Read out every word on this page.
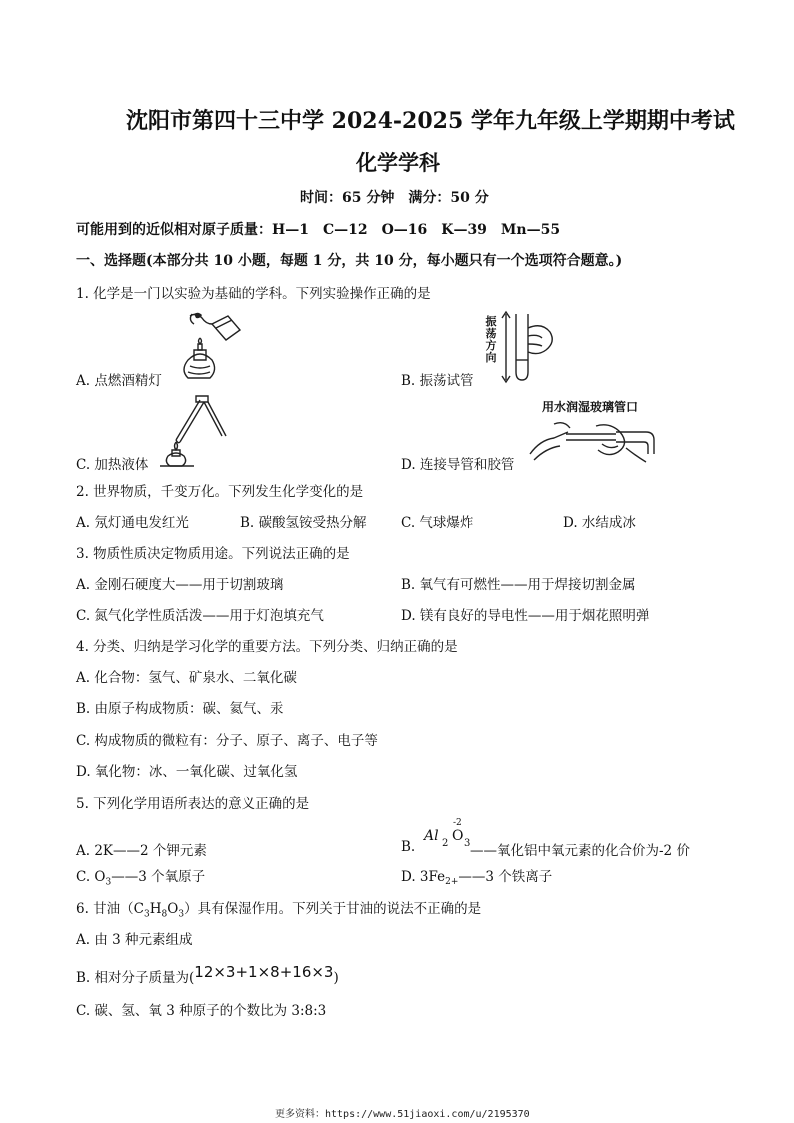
沈阳市第四十三中学 2024-2025 学年九年级上学期期中考试
化学学科
时间：65 分钟　满分：50 分
可能用到的近似相对原子质量：H—1　C—12　O—16　K—39　Mn—55
一、选择题(本部分共 10 小题，每题 1 分，共 10 分，每小题只有一个选项符合题意。)
1. 化学是一门以实验为基础的学科。下列实验操作正确的是
A. 点燃酒精灯
振
荡
方
向
B. 振荡试管
C. 加热液体
用水润湿玻璃管口
D. 连接导管和胶管
2. 世界物质，千变万化。下列发生化学变化的是
A. 氖灯通电发红光	B. 碳酸氢铵受热分解	C. 气球爆炸	D. 水结成冰
3. 物质性质决定物质用途。下列说法正确的是
A. 金刚石硬度大——用于切割玻璃	B. 氧气有可燃性——用于焊接切割金属
C. 氮气化学性质活泼——用于灯泡填充气	D. 镁有良好的导电性——用于烟花照明弹
4. 分类、归纳是学习化学的重要方法。下列分类、归纳正确的是
A. 化合物：氢气、矿泉水、二氧化碳
B. 由原子构成物质：碳、氦气、汞
C. 构成物质的微粒有：分子、原子、离子、电子等
D. 氧化物：冰、一氧化碳、过氧化氢
5. 下列化学用语所表达的意义正确的是
A. 2K——2 个钾元素	B.
Al 2
-2
O 3 ——氧化铝中氧元素的化合价为-2 价
C. $O_3——3$ 个氧原子	D. $3Fe_{2+}——3$ 个铁离子
6. 甘油$(C_3H_8O_3)$具有保湿作用。下列关于甘油的说法不正确的是
A. 由 3 种元素组成
B. 相对分子质量为(12×3+1×8+16×3)
C. 碳、氢、氧 3 种原子的个数比为 3:8:3
更多资料：https://www.51jiaoxi.com/u/2195370
